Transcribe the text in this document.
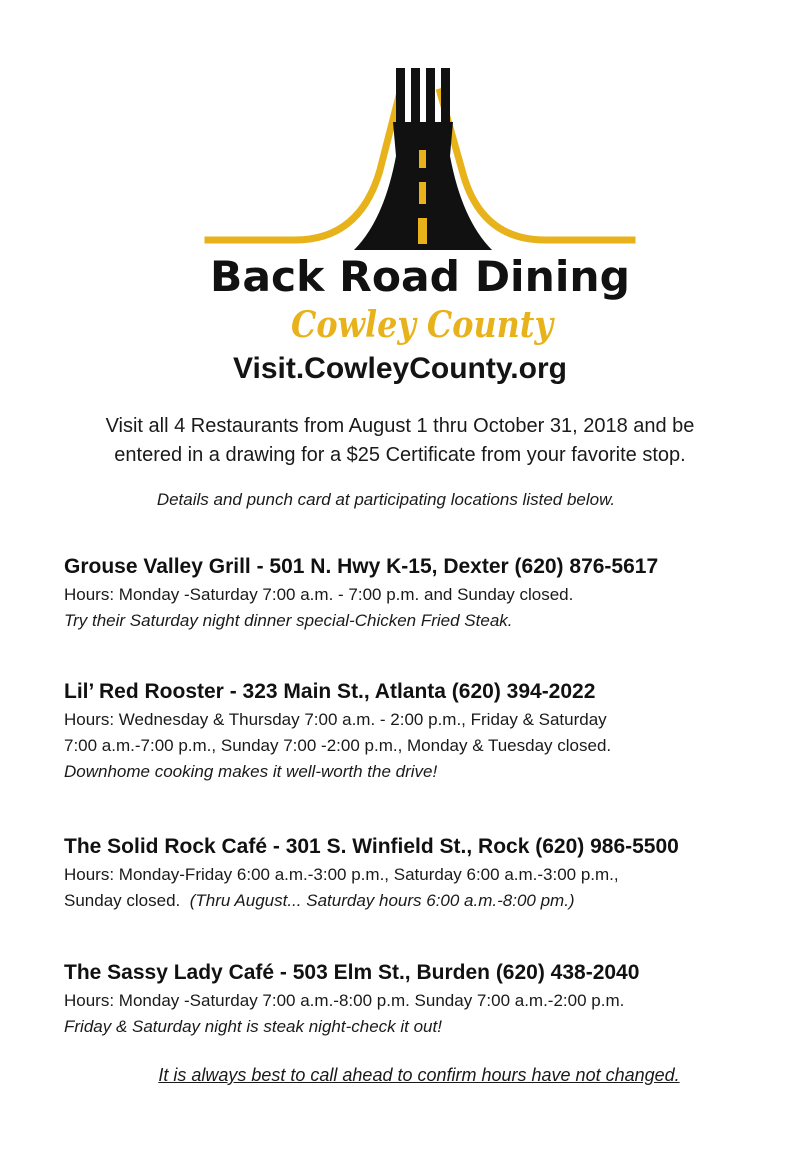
Back Road Dining
Cowley County
Visit.CowleyCounty.org
Visit all 4 Restaurants from August 1 thru October 31, 2018 and be
entered in a drawing for a $25 Certificate from your favorite stop.
Details and punch card at participating locations listed below.
Grouse Valley Grill - 501 N. Hwy K-15, Dexter (620) 876-5617
Hours: Monday -Saturday 7:00 a.m. - 7:00 p.m. and Sunday closed.
Try their Saturday night dinner special-Chicken Fried Steak.
Lil’ Red Rooster - 323 Main St., Atlanta (620) 394-2022
Hours: Wednesday & Thursday 7:00 a.m. - 2:00 p.m., Friday & Saturday
7:00 a.m.-7:00 p.m., Sunday 7:00 -2:00 p.m., Monday & Tuesday closed.
Downhome cooking makes it well-worth the drive!
The Solid Rock Café - 301 S. Winfield St., Rock (620) 986-5500
Hours: Monday-Friday 6:00 a.m.-3:00 p.m., Saturday 6:00 a.m.-3:00 p.m.,
Sunday closed. (Thru August... Saturday hours 6:00 a.m.-8:00 pm.)
The Sassy Lady Café - 503 Elm St., Burden (620) 438-2040
Hours: Monday -Saturday 7:00 a.m.-8:00 p.m. Sunday 7:00 a.m.-2:00 p.m.
Friday & Saturday night is steak night-check it out!
It is always best to call ahead to confirm hours have not changed.
